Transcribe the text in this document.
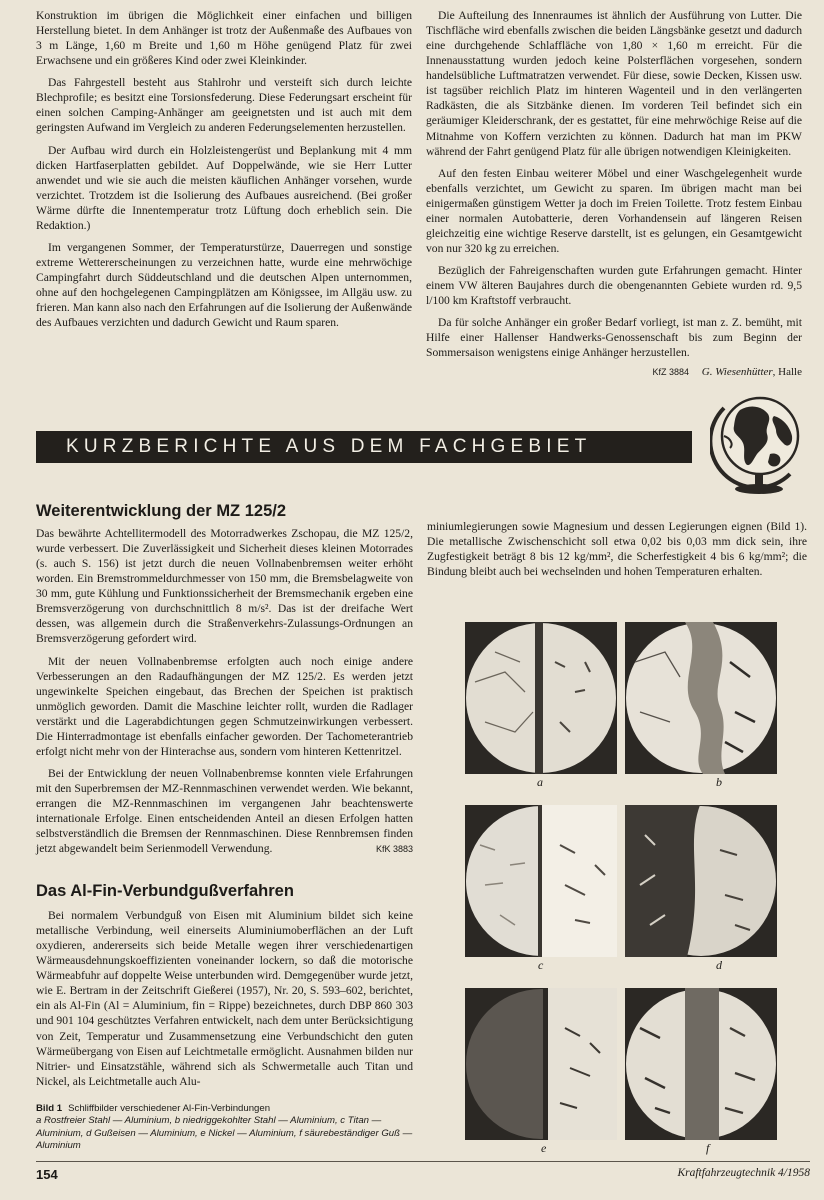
Konstruktion im übrigen die Möglichkeit einer einfachen und billigen Herstellung bietet. In dem Anhänger ist trotz der Außenmaße des Aufbaues von 3 m Länge, 1,60 m Breite und 1,60 m Höhe genügend Platz für zwei Erwachsene und ein größeres Kind oder zwei Kleinkinder.

Das Fahrgestell besteht aus Stahlrohr und versteift sich durch leichte Blechprofile; es besitzt eine Torsionsfederung. Diese Federungsart erscheint für einen solchen Camping-Anhänger am geeignetsten und ist auch mit dem geringsten Aufwand im Vergleich zu anderen Federungselementen herzustellen.

Der Aufbau wird durch ein Holzleistengerüst und Beplankung mit 4 mm dicken Hartfaserplatten gebildet. Auf Doppelwände, wie sie Herr Lutter anwendet und wie sie auch die meisten käuflichen Anhänger vorsehen, wurde verzichtet. Trotzdem ist die Isolierung des Aufbaues ausreichend. (Bei großer Wärme dürfte die Innentemperatur trotz Lüftung doch erheblich sein. Die Redaktion.)

Im vergangenen Sommer, der Temperaturstürze, Dauerregen und sonstige extreme Wettererscheinungen zu verzeichnen hatte, wurde eine mehrwöchige Campingfahrt durch Süddeutschland und die deutschen Alpen unternommen, ohne auf den hochgelegenen Campingplätzen am Königssee, im Allgäu usw. zu frieren. Man kann also nach den Erfahrungen auf die Isolierung der Außenwände des Aufbaues verzichten und dadurch Gewicht und Raum sparen.

Die Aufteilung des Innenraumes ist ähnlich der Ausführung von Lutter. Die Tischfläche wird ebenfalls zwischen die beiden Längsbänke gesetzt und dadurch eine durchgehende Schlaffläche von 1,80 × 1,60 m erreicht. Für die Innenausstattung wurden jedoch keine Polsterflächen vorgesehen, sondern handelsübliche Luftmatratzen verwendet. Für diese, sowie Decken, Kissen usw. ist tagsüber reichlich Platz im hinteren Wagenteil und in den verlängerten Radkästen, die als Sitzbänke dienen. Im vorderen Teil befindet sich ein geräumiger Kleiderschrank, der es gestattet, für eine mehrwöchige Reise auf die Mitnahme von Koffern verzichten zu können. Dadurch hat man im PKW während der Fahrt genügend Platz für alle übrigen notwendigen Kleinigkeiten.

Auf den festen Einbau weiterer Möbel und einer Waschgelegenheit wurde ebenfalls verzichtet, um Gewicht zu sparen. Im übrigen macht man bei einigermaßen günstigem Wetter ja doch im Freien Toilette. Trotz festem Einbau einer normalen Autobatterie, deren Vorhandensein auf längeren Reisen gleichzeitig eine wichtige Reserve darstellt, ist es gelungen, ein Gesamtgewicht von nur 320 kg zu erreichen.

Bezüglich der Fahreigenschaften wurden gute Erfahrungen gemacht. Hinter einem VW älteren Baujahres durch die obengenannten Gebiete wurden rd. 9,5 l/100 km Kraftstoff verbraucht.

Da für solche Anhänger ein großer Bedarf vorliegt, ist man z. Z. bemüht, mit Hilfe einer Hallenser Handwerks-Genossenschaft bis zum Beginn der Sommersaison wenigstens einige Anhänger herzustellen.

KfZ 3884 G. Wiesenhütter, Halle
KURZBERICHTE AUS DEM FACHGEBIET
Weiterentwicklung der MZ 125/2

Das bewährte Achtellitermodell des Motorradwerkes Zschopau, die MZ 125/2, wurde verbessert. Die Zuverlässigkeit und Sicherheit dieses kleinen Motorrades (s. auch S. 156) ist jetzt durch die neuen Vollnabenbremsen weiter erhöht worden. Ein Bremstrommeldurchmesser von 150 mm, die Bremsbelagweite von 30 mm, gute Kühlung und Funktionssicherheit der Bremsmechanik ergeben eine Bremsverzögerung von durchschnittlich 8 m/s². Das ist der dreifache Wert dessen, was allgemein durch die Straßenverkehrs-Zulassungs-Ordnungen an Bremsverzögerung gefordert wird.

Mit der neuen Vollnabenbremse erfolgten auch noch einige andere Verbesserungen an den Radaufhängungen der MZ 125/2. Es werden jetzt ungewinkelte Speichen eingebaut, das Brechen der Speichen ist praktisch unmöglich geworden. Damit die Maschine leichter rollt, wurden die Radlager verstärkt und die Lagerabdichtungen gegen Schmutzeinwirkungen verbessert. Die Hinterradmontage ist ebenfalls einfacher geworden. Der Tachometerantrieb erfolgt nicht mehr von der Hinterachse aus, sondern vom hinteren Kettenritzel.

Bei der Entwicklung der neuen Vollnabenbremse konnten viele Erfahrungen mit den Superbremsen der MZ-Rennmaschinen verwendet werden. Wie bekannt, errangen die MZ-Rennmaschinen im vergangenen Jahr beachtenswerte internationale Erfolge. Einen entscheidenden Anteil an diesen Erfolgen hatten selbstverständlich die Bremsen der Rennmaschinen. Diese Rennbremsen finden jetzt abgewandelt beim Serienmodell Verwendung.	KfK 3883

Das Al-Fin-Verbundgußverfahren

Bei normalem Verbundguß von Eisen mit Aluminium bildet sich keine metallische Verbindung, weil einerseits Aluminiumoberflächen an der Luft oxydieren, andererseits sich beide Metalle wegen ihrer verschiedenartigen Wärmeausdehnungskoeffizienten voneinander lockern, so daß die motorische Wärmeabfuhr auf doppelte Weise unterbunden wird. Demgegenüber wurde jetzt, wie E. Bertram in der Zeitschrift Gießerei (1957), Nr. 20, S. 593–602, berichtet, ein als Al-Fin (Al = Aluminium, fin = Rippe) bezeichnetes, durch DBP 860 303 und 901 104 geschütztes Verfahren entwickelt, nach dem unter Berücksichtigung von Zeit, Temperatur und Zusammensetzung eine Verbundschicht den guten Wärmeübergang von Eisen auf Leichtmetalle ermöglicht. Ausnahmen bilden nur Nitrier- und Einsatzstähle, während sich als Schwermetalle auch Titan und Nickel, als Leichtmetalle auch Alu-

miniumlegierungen sowie Magnesium und dessen Legierungen eignen (Bild 1). Die metallische Zwischenschicht soll etwa 0,02 bis 0,03 mm dick sein, ihre Zugfestigkeit beträgt 8 bis 12 kg/mm², die Scherfestigkeit 4 bis 6 kg/mm²; die Bindung bleibt auch bei wechselnden und hohen Temperaturen erhalten.

a	b
c	d
e	f
Bild 1 Schliffbilder verschiedener Al-Fin-Verbindungen
a Rostfreier Stahl — Aluminium, b niedriggekohlter Stahl — Aluminium, c Titan — Aluminium, d Gußeisen — Aluminium, e Nickel — Aluminium, f säurebeständiger Guß — Aluminium
154	Kraftfahrzeugtechnik 4/1958
